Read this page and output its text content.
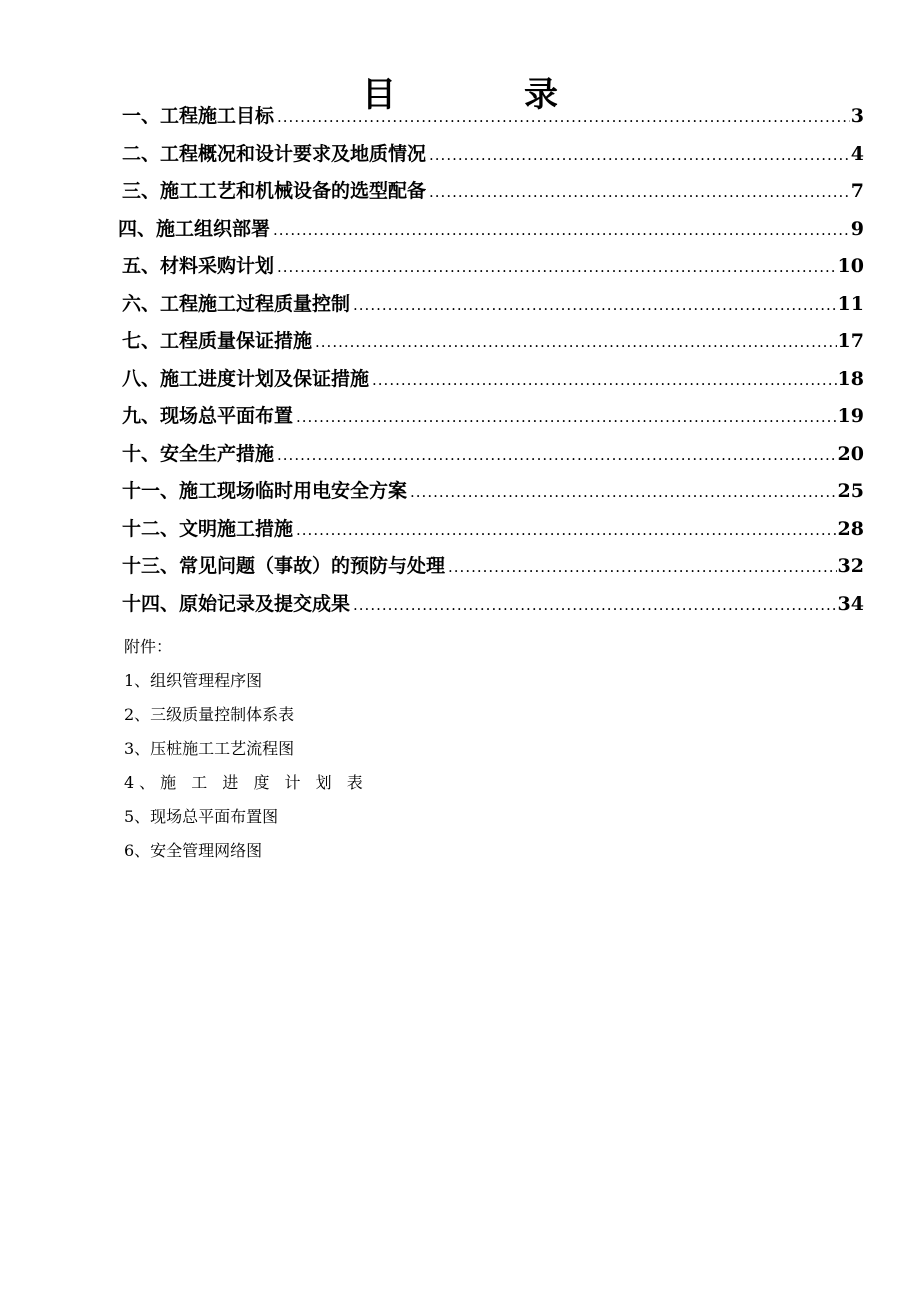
目	录
一、工程施工目标 .....	3
二、工程概况和设计要求及地质情况 .....	4
三、施工工艺和机械设备的选型配备 .....	7
四、施工组织部署 .....	9
五、材料采购计划 .....	10
六、工程施工过程质量控制 .....	11
七、工程质量保证措施 .....	17
八、施工进度计划及保证措施 .....	18
九、现场总平面布置 .....	19
十、安全生产措施 .....	20
十一、施工现场临时用电安全方案 .....	25
十二、文明施工措施 .....	28
十三、常见问题（事故）的预防与处理 .....	32
十四、原始记录及提交成果 .....	34

附件：

1、组织管理程序图
2、三级质量控制体系表
3、压桩施工工艺流程图
4、施 工 进 度 计 划 表
5、现场总平面布置图
6、安全管理网络图
